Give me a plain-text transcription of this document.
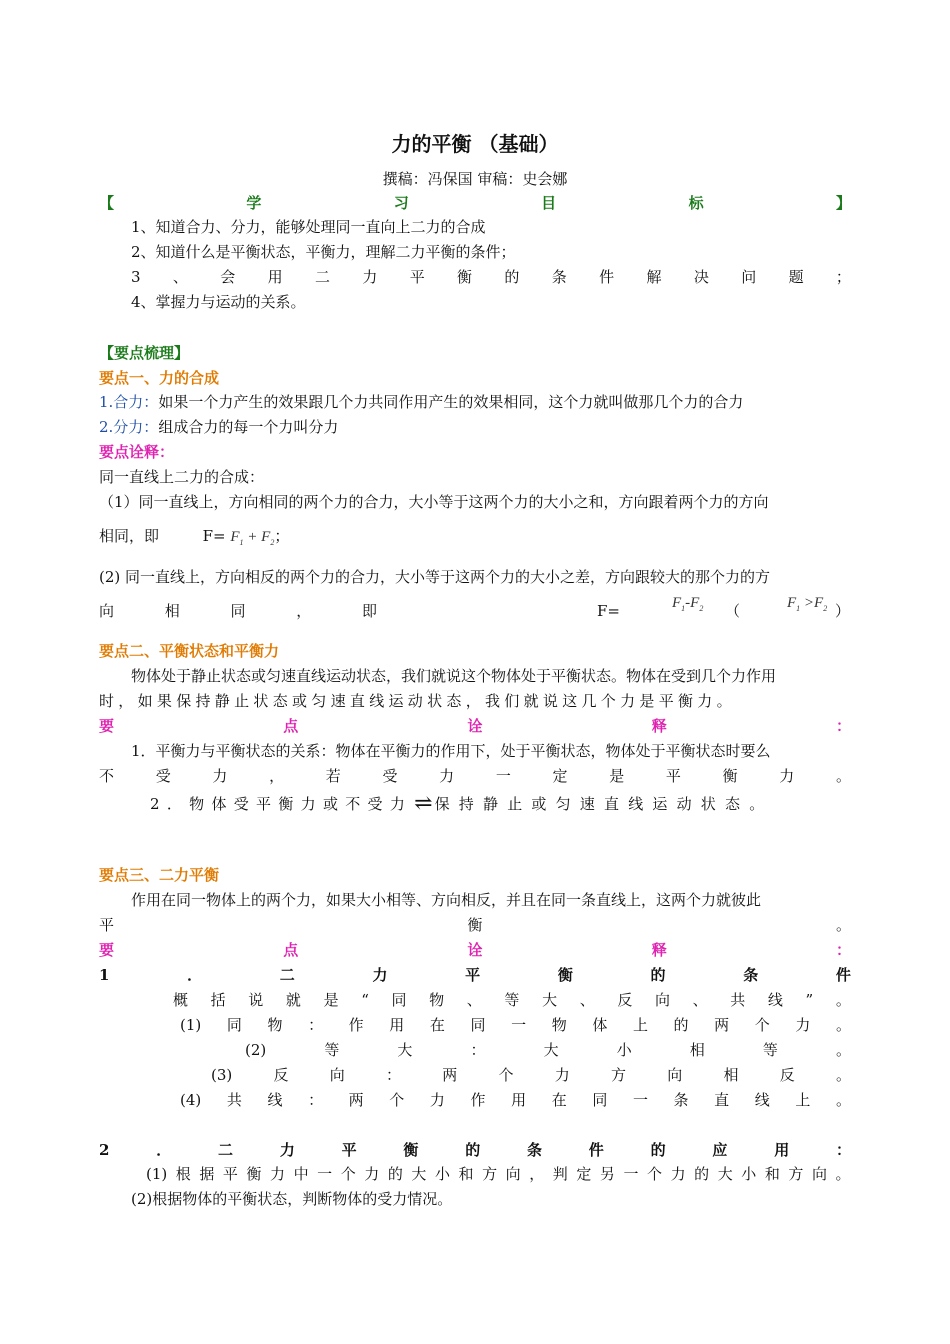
力的平衡 （基础）
撰稿：冯保国 审稿：史会娜
【	学	习	目	标	】
1、知道合力、分力，能够处理同一直向上二力的合成
2、知道什么是平衡状态，平衡力，理解二力平衡的条件；
3 、 会 用 二 力 平 衡 的 条 件 解 决 问 题 ；
4、掌握力与运动的关系。
【要点梳理】
要点一、力的合成
1.合力：如果一个力产生的效果跟几个力共同作用产生的效果相同，这个力就叫做那几个力的合力
2.分力：组成合力的每一个力叫分力
要点诠释：
同一直线上二力的合成：
（1）同一直线上，方向相同的两个力的合力，大小等于这两个力的大小之和，方向跟着两个力的方向
相同，即	$F= F_1 + F_2$；
(2) 同一直线上，方向相反的两个力的合力，大小等于这两个力的大小之差，方向跟较大的那个力的方
向	相	同	，	即	F=	$F_1-F_2$ （	$F_1 >F_2$ ）
要点二、平衡状态和平衡力
物体处于静止状态或匀速直线运动状态，我们就说这个物体处于平衡状态。物体在受到几个力作用
时，如果保持静止状态或匀速直线运动状态，我们就说这几个力是平衡力。
要	点	诠	释	：
1．平衡力与平衡状态的关系：物体在平衡力的作用下，处于平衡状态，物体处于平衡状态时要么
不	受	力	，	若	受	力	一	定	是	平	衡	力	。
2．物体受平衡力或不受力 ⇌ 保持静止或匀速直线运动状态。
要点三、二力平衡
作用在同一物体上的两个力，如果大小相等、方向相反，并且在同一条直线上，这两个力就彼此
平	衡	。
要	点	诠	释	：
1	．	二	力	平	衡	的	条	件
概 括 说 就 是 “ 同 物 、 等 大 、 反 向 、 共 线 ” 。
(1) 同 物 ： 作 用 在 同 一 物 体 上 的 两 个 力 。
(2)	等	大	：	大	小	相	等	。
(3)	反	向	：	两	个	力	方	向	相	反	。
(4) 共 线 ： 两 个 力 作 用 在 同 一 条 直 线 上 。
2	．	二	力	平	衡	的	条	件	的	应	用	：
(1) 根 据 平 衡 力 中 一 个 力 的 大 小 和 方 向 ， 判 定 另 一 个 力 的 大 小 和 方 向 。
(2)根据物体的平衡状态，判断物体的受力情况。
